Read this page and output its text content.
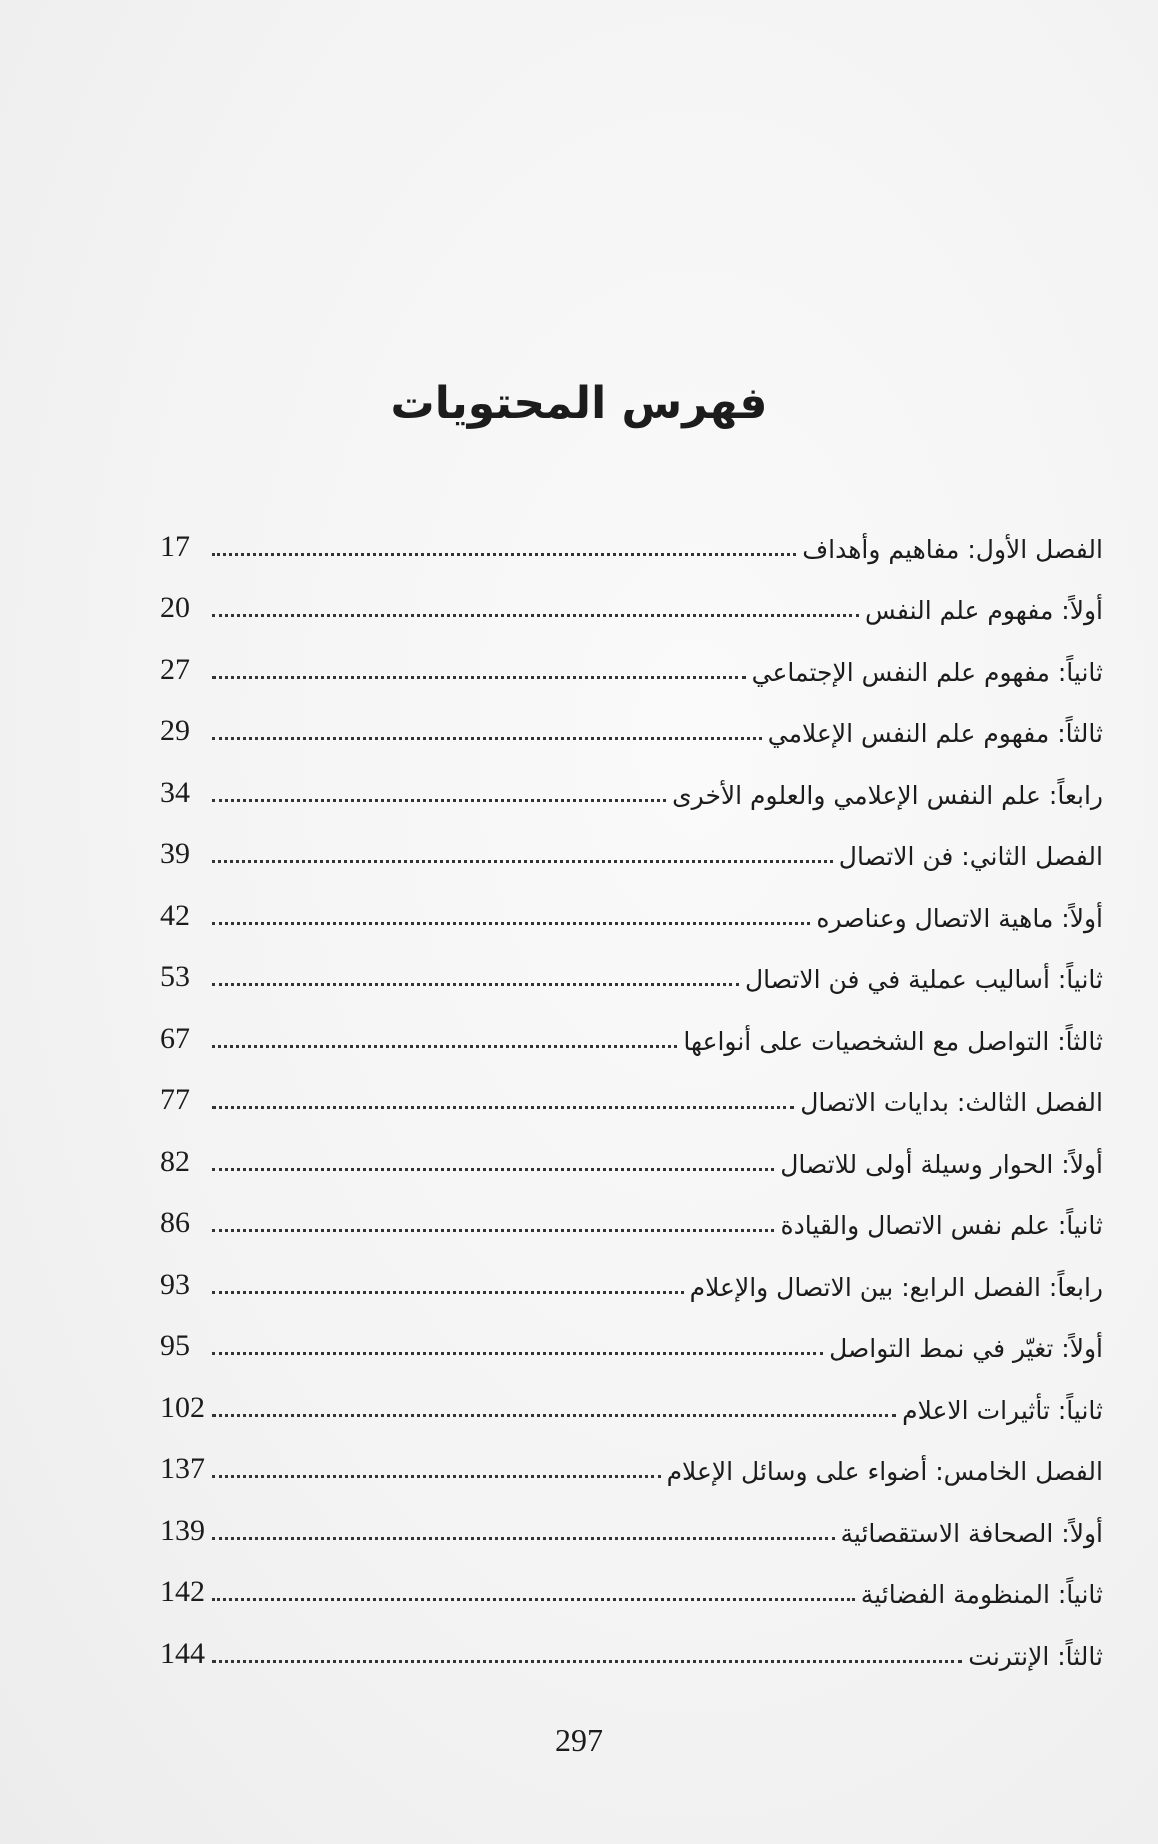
فهرس المحتويات
الفصل الأول: مفاهيم وأهداف
17
أولاً: مفهوم علم النفس
20
ثانياً: مفهوم علم النفس الإجتماعي
27
ثالثاً: مفهوم علم النفس الإعلامي
29
رابعاً: علم النفس الإعلامي والعلوم الأخرى
34
الفصل الثاني: فن الاتصال
39
أولاً: ماهية الاتصال وعناصره
42
ثانياً: أساليب عملية في فن الاتصال
53
ثالثاً: التواصل مع الشخصيات على أنواعها
67
الفصل الثالث: بدايات الاتصال
77
أولاً: الحوار وسيلة أولى للاتصال
82
ثانياً: علم نفس الاتصال والقيادة
86
رابعاً: الفصل الرابع: بين الاتصال والإعلام
93
أولاً: تغيّر في نمط التواصل
95
ثانياً: تأثيرات الاعلام
102
الفصل الخامس: أضواء على وسائل الإعلام
137
أولاً: الصحافة الاستقصائية
139
ثانياً: المنظومة الفضائية
142
ثالثاً: الإنترنت
144
297
